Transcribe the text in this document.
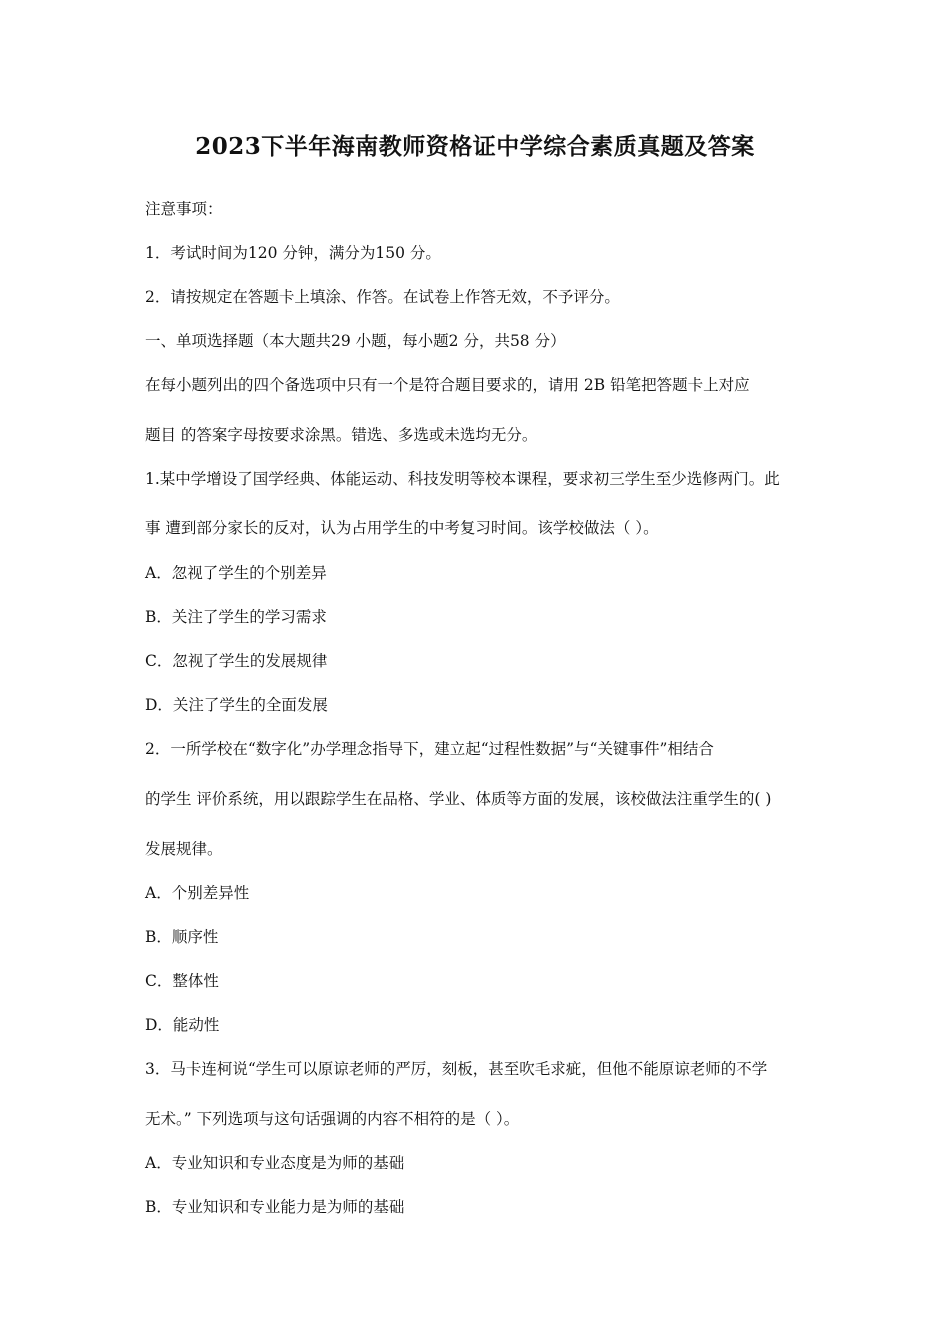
2023下半年海南教师资格证中学综合素质真题及答案
注意事项：
1．考试时间为120 分钟，满分为150 分。
2．请按规定在答题卡上填涂、作答。在试卷上作答无效，不予评分。
一、单项选择题（本大题共29 小题，每小题2 分，共58 分）
在每小题列出的四个备选项中只有一个是符合题目要求的，请用 2B 铅笔把答题卡上对应
题目 的答案字母按要求涂黑。错选、多选或未选均无分。
1.某中学增设了国学经典、体能运动、科技发明等校本课程，要求初三学生至少选修两门。此
事 遭到部分家长的反对，认为占用学生的中考复习时间。该学校做法（ ）。
A．忽视了学生的个别差异
B．关注了学生的学习需求
C．忽视了学生的发展规律
D．关注了学生的全面发展
2．一所学校在“数字化”办学理念指导下，建立起“过程性数据”与“关键事件”相结合
的学生 评价系统，用以跟踪学生在品格、学业、体质等方面的发展，该校做法注重学生的( )
发展规律。
A．个别差异性
B．顺序性
C．整体性
D．能动性
3．马卡连柯说“学生可以原谅老师的严厉，刻板，甚至吹毛求疵，但他不能原谅老师的不学
无术。” 下列选项与这句话强调的内容不相符的是（ ）。
A．专业知识和专业态度是为师的基础
B．专业知识和专业能力是为师的基础
